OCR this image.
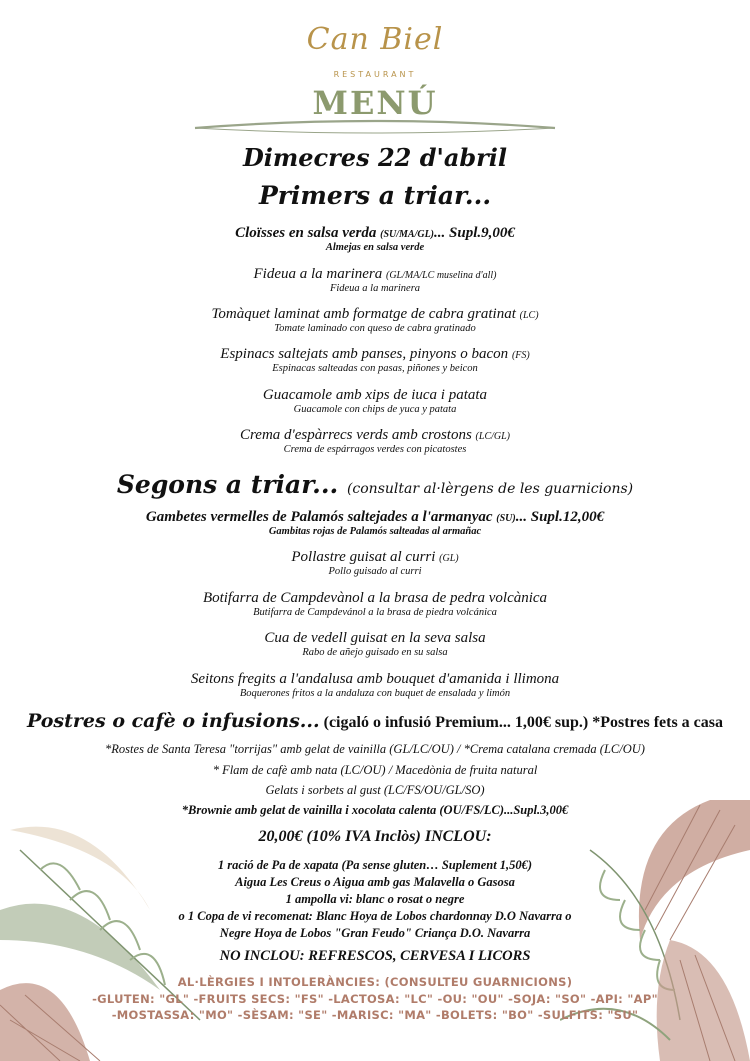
Can Biel
RESTAURANT
MENÚ
Dimecres 22 d'abril
Primers a triar...
Cloïsses en salsa verda (SU/MA/GL)... Supl.9,00€
Almejas en salsa verde
Fideua a la marinera (GL/MA/LC muselina d'all)
Fideua a la marinera
Tomàquet laminat amb formatge de cabra gratinat (LC)
Tomate laminado con queso de cabra gratinado
Espinacs saltejats amb panses, pinyons o bacon (FS)
Espinacas salteadas con pasas, piñones y beicon
Guacamole amb xips de iuca i patata
Guacamole con chips de yuca y patata
Crema d'espàrrecs verds amb crostons (LC/GL)
Crema de espárragos verdes con picatostes
Segons a triar... (consultar al·lèrgens de les guarnicions)
Gambetes vermelles de Palamós saltejades a l'armanyac (SU)... Supl.12,00€
Gambitas rojas de Palamós salteadas al armañac
Pollastre guisat al curri (GL)
Pollo guisado al curri
Botifarra de Campdevànol a la brasa de pedra volcànica
Butifarra de Campdevánol a la brasa de piedra volcánica
Cua de vedell guisat en la seva salsa
Rabo de añejo guisado en su salsa
Seitons fregits a l'andalusa amb bouquet d'amanida i llimona
Boquerones fritos a la andaluza con buquet de ensalada y limón
Postres o cafè o infusions... (cigaló o infusió Premium... 1,00€ sup.) *Postres fets a casa
*Rostes de Santa Teresa "torrijas" amb gelat de vainilla (GL/LC/OU) / *Crema catalana cremada (LC/OU)
* Flam de cafè amb nata (LC/OU) / Macedònia de fruita natural
Gelats i sorbets al gust (LC/FS/OU/GL/SO)
*Brownie amb gelat de vainilla i xocolata calenta (OU/FS/LC)...Supl.3,00€
20,00€ (10% IVA Inclòs) INCLOU:
1 ració de Pa de xapata (Pa sense gluten… Suplement 1,50€)
Aigua Les Creus o Aigua amb gas Malavella o Gasosa
1 ampolla vi: blanc o rosat o negre
o 1 Copa de vi recomenat: Blanc Hoya de Lobos chardonnay D.O Navarra o
Negre Hoya de Lobos "Gran Feudo" Criança D.O. Navarra
NO INCLOU: REFRESCOS, CERVESA I LICORS
AL·LÈRGIES I INTOLERÀNCIES: (CONSULTEU GUARNICIONS)
-GLUTEN: "GL" -FRUITS SECS: "FS" -LACTOSA: "LC" -OU: "OU" -SOJA: "SO" -API: "AP"
-MOSTASSA: "MO" -SÈSAM: "SE" -MARISC: "MA" -BOLETS: "BO" -SULFITS: "SU"
